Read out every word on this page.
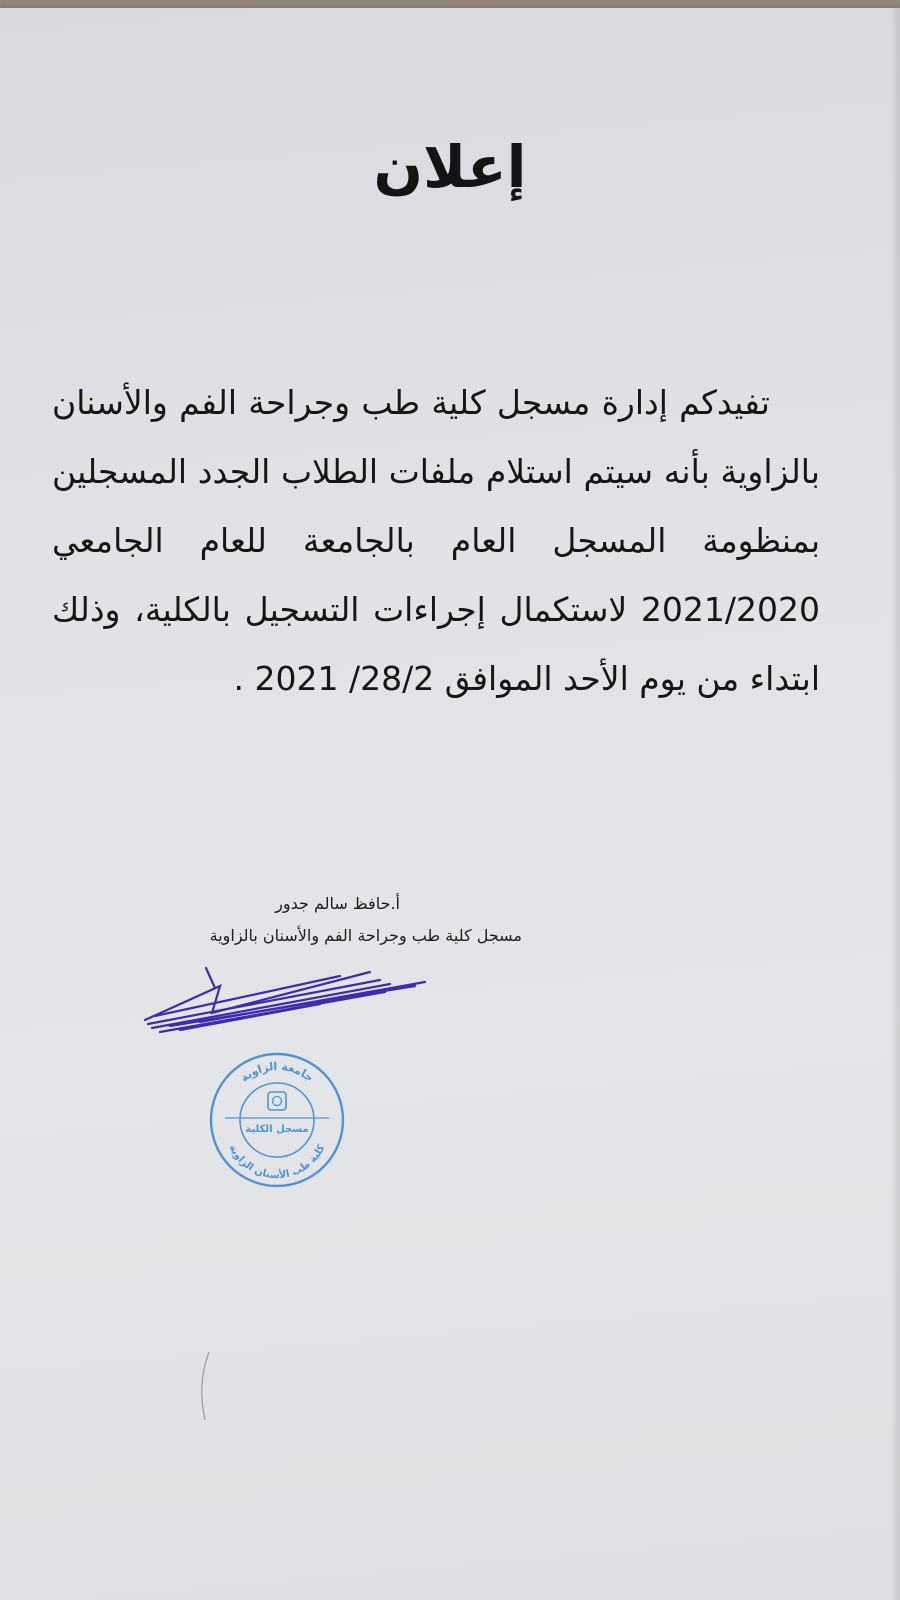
إعلان

تفيدكم إدارة مسجل كلية طب وجراحة الفم والأسنان بالزاوية بأنه سيتم استلام ملفات الطلاب الجدد المسجلين بمنظومة المسجل العام بالجامعة للعام الجامعي 2021/2020 لاستكمال إجراءات التسجيل بالكلية، وذلك ابتداء من يوم الأحد الموافق 28/2/ 2021 .

أ.حافظ سالم جدور
مسجل كلية طب وجراحة الفم والأسنان بالزاوية
جامعة الزاوية
مسجل الكلية
كلية طب الأسنان الزاوية
